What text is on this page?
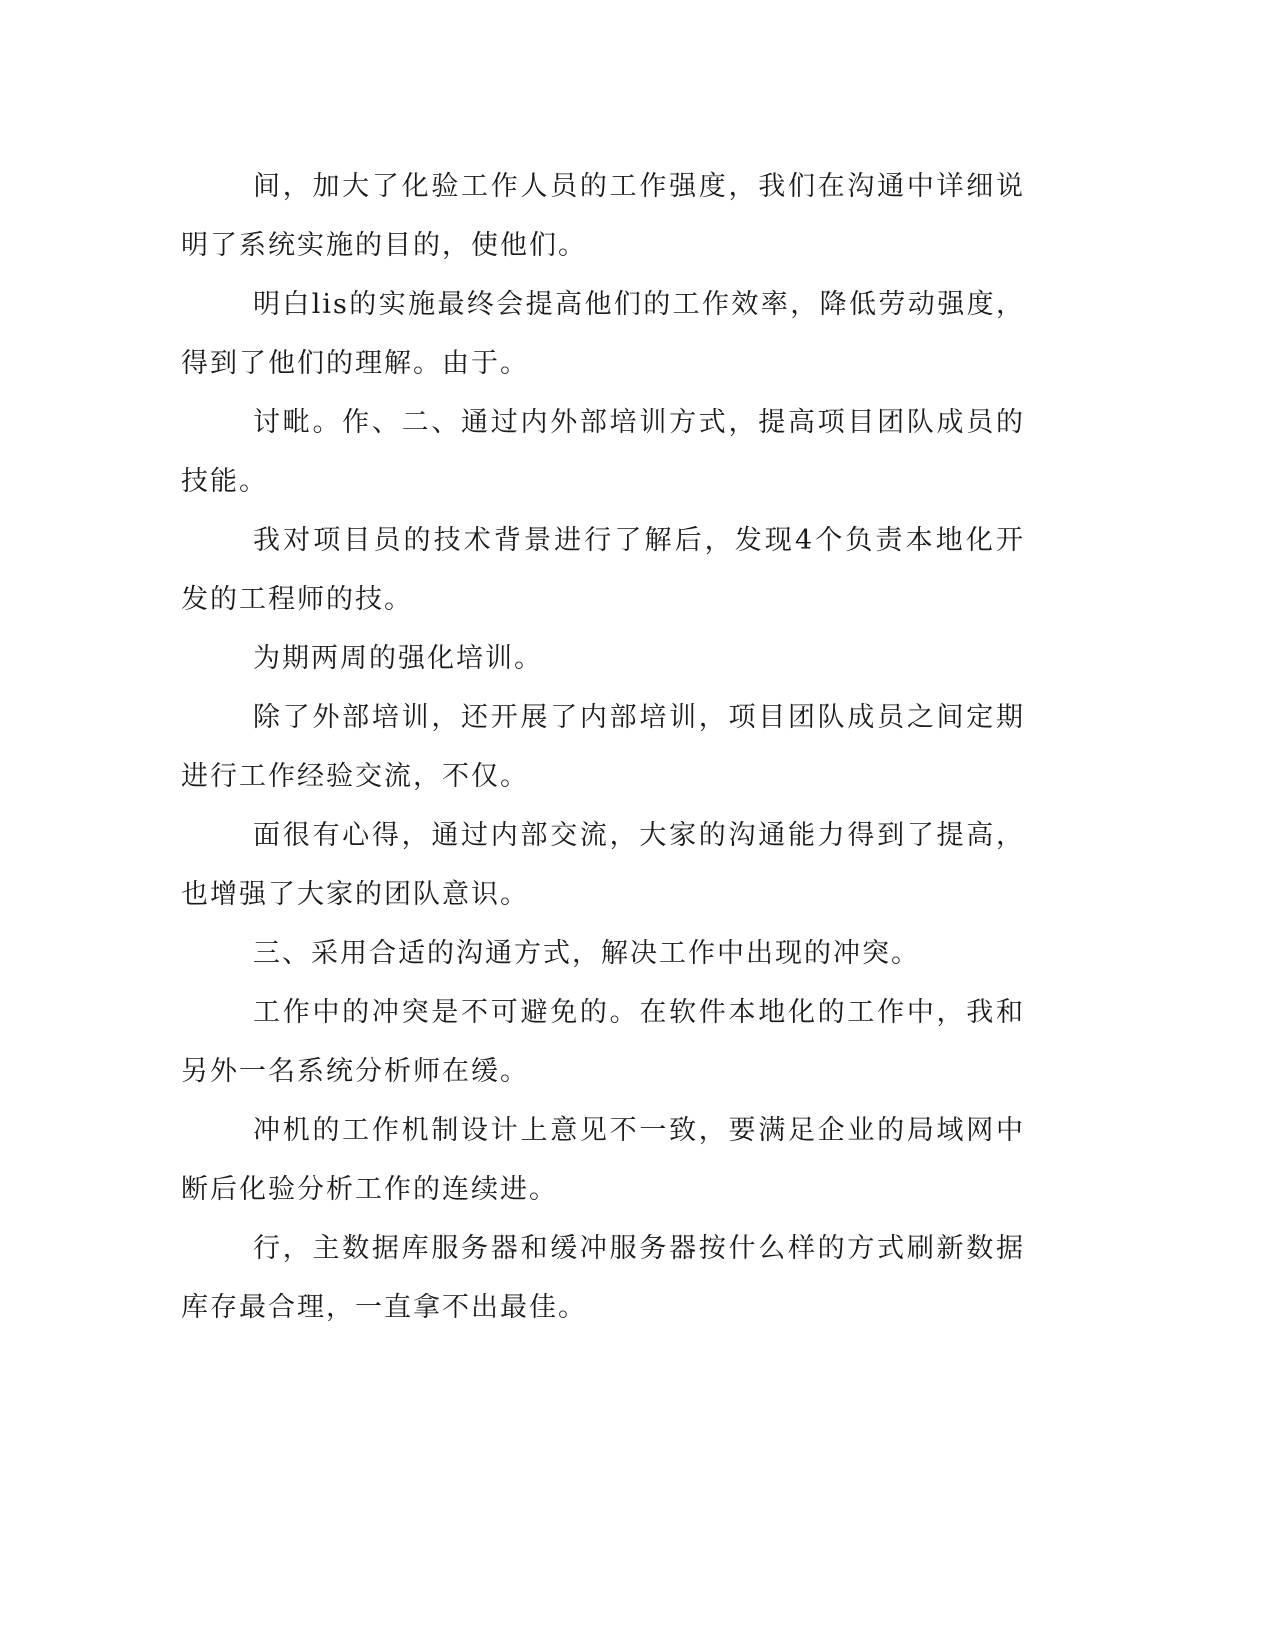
间，加大了化验工作人员的工作强度，我们在沟通中详细说明了系统实施的目的，使他们。

明白lis的实施最终会提高他们的工作效率，降低劳动强度，得到了他们的理解。由于。

讨毗。作、二、通过内外部培训方式，提高项目团队成员的技能。

我对项目员的技术背景进行了解后，发现4个负责本地化开发的工程师的技。

为期两周的强化培训。

除了外部培训，还开展了内部培训，项目团队成员之间定期进行工作经验交流，不仅。

面很有心得，通过内部交流，大家的沟通能力得到了提高，也增强了大家的团队意识。

三、采用合适的沟通方式，解决工作中出现的冲突。

工作中的冲突是不可避免的。在软件本地化的工作中，我和另外一名系统分析师在缓。

冲机的工作机制设计上意见不一致，要满足企业的局域网中断后化验分析工作的连续进。

行，主数据库服务器和缓冲服务器按什么样的方式刷新数据库存最合理，一直拿不出最佳。
